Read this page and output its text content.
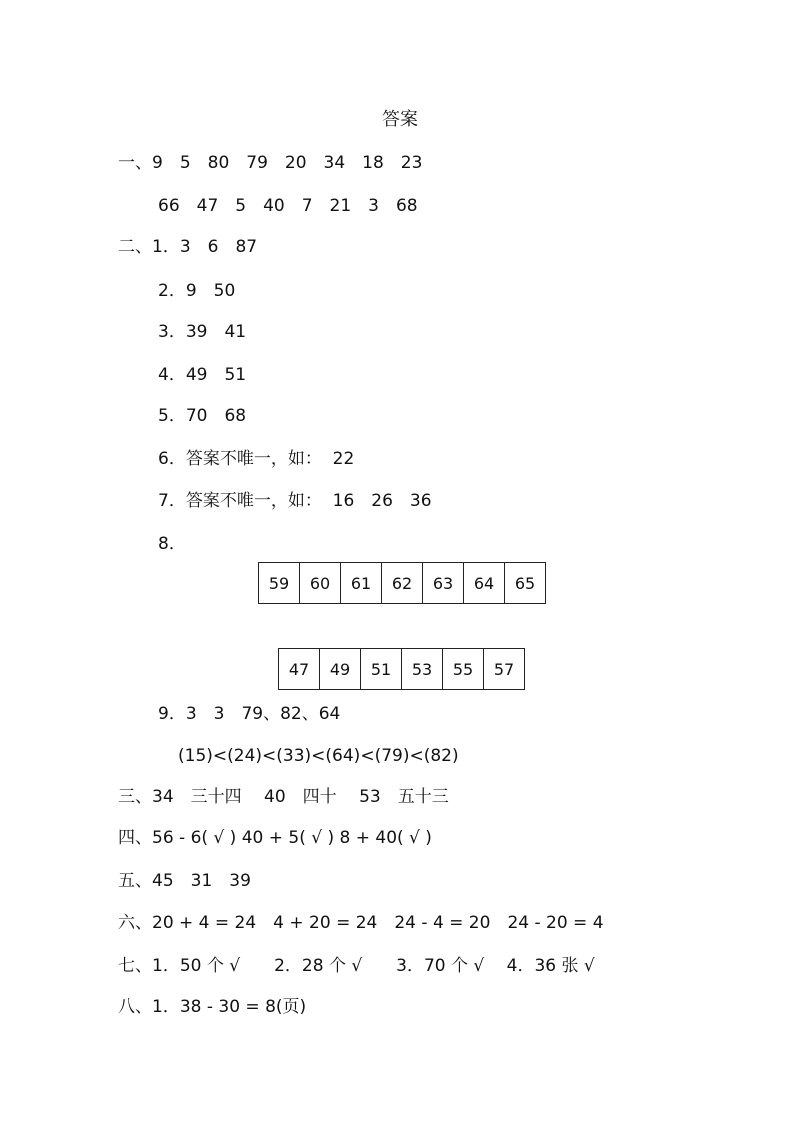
答案
一、9　5　80　79　20　34　18　23
66　47　5　40　7　21　3　68
二、1．3　6　87
2．9　50
3．39　41
4．49　51
5．70　68
6．答案不唯一，如：  22
7．答案不唯一，如：  16　26　36
8．
59	60	61	62	63	64	65
47	49	51	53	55	57
9．3　3　79、82、64
(15)<(24)<(33)<(64)<(79)<(82)
三、34　三十四　 40　四十　 53　五十三
四、56 - 6( √ ) 40 + 5( √ ) 8 + 40( √ )
五、45　31　39
六、20 + 4 = 24　4 + 20 = 24　24 - 4 = 20　24 - 20 = 4
七、1．50 个 √　　2．28 个 √　　3．70 个 √　 4．36 张 √
八、1．38 - 30 = 8(页)
